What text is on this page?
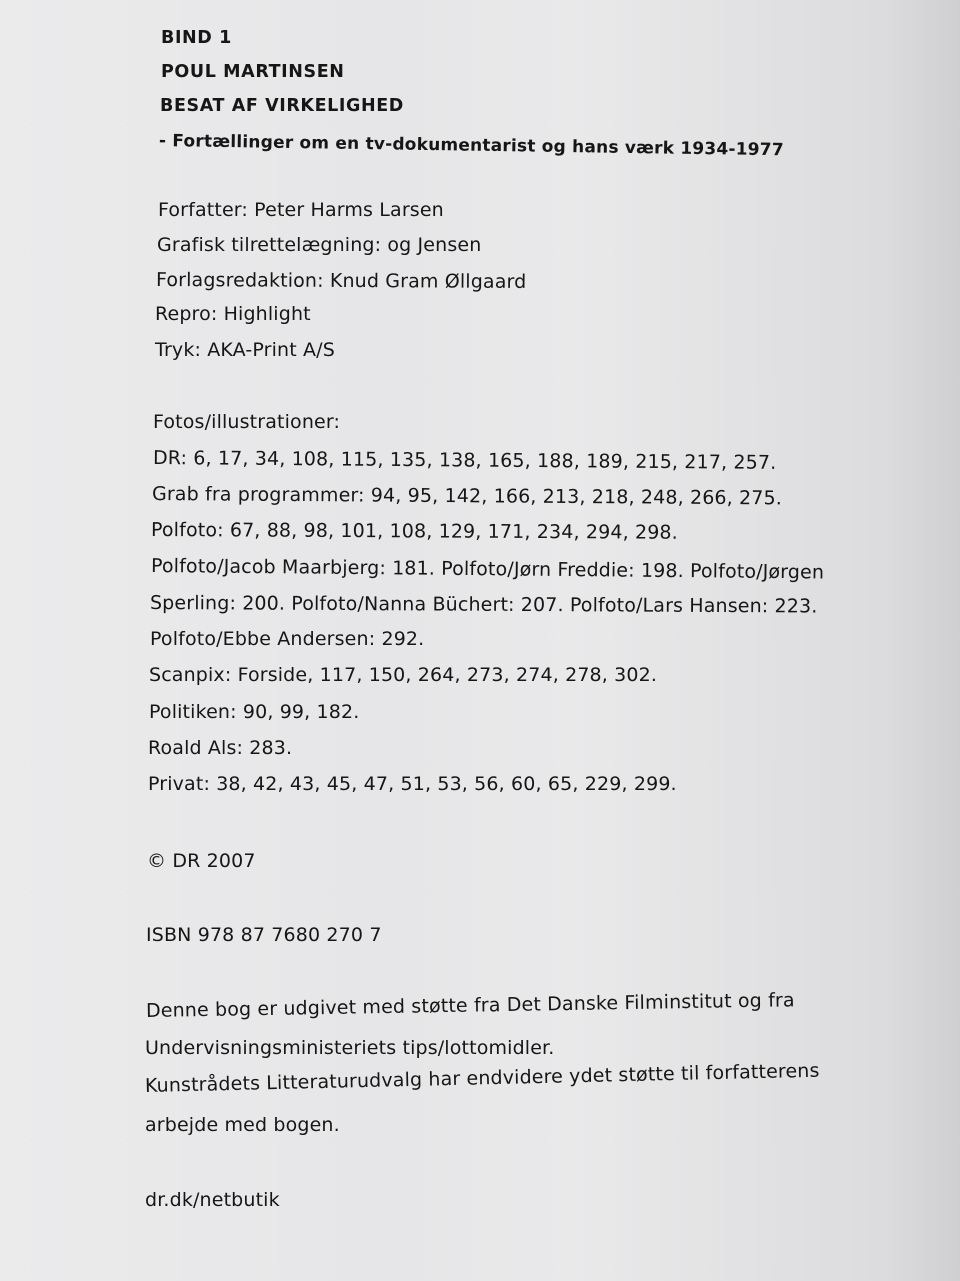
BIND 1
POUL MARTINSEN
BESAT AF VIRKELIGHED
- Fortællinger om en tv-dokumentarist og hans værk 1934-1977
Forfatter: Peter Harms Larsen
Grafisk tilrettelægning: og Jensen
Forlagsredaktion: Knud Gram Øllgaard
Repro: Highlight
Tryk: AKA-Print A/S
Fotos/illustrationer:
DR: 6, 17, 34, 108, 115, 135, 138, 165, 188, 189, 215, 217, 257.
Grab fra programmer: 94, 95, 142, 166, 213, 218, 248, 266, 275.
Polfoto: 67, 88, 98, 101, 108, 129, 171, 234, 294, 298.
Polfoto/Jacob Maarbjerg: 181. Polfoto/Jørn Freddie: 198. Polfoto/Jørgen
Sperling: 200. Polfoto/Nanna Büchert: 207. Polfoto/Lars Hansen: 223.
Polfoto/Ebbe Andersen: 292.
Scanpix: Forside, 117, 150, 264, 273, 274, 278, 302.
Politiken: 90, 99, 182.
Roald Als: 283.
Privat: 38, 42, 43, 45, 47, 51, 53, 56, 60, 65, 229, 299.
© DR 2007
ISBN 978 87 7680 270 7
Denne bog er udgivet med støtte fra Det Danske Filminstitut og fra
Undervisningsministeriets tips/lottomidler.
Kunstrådets Litteraturudvalg har endvidere ydet støtte til forfatterens
arbejde med bogen.
dr.dk/netbutik
